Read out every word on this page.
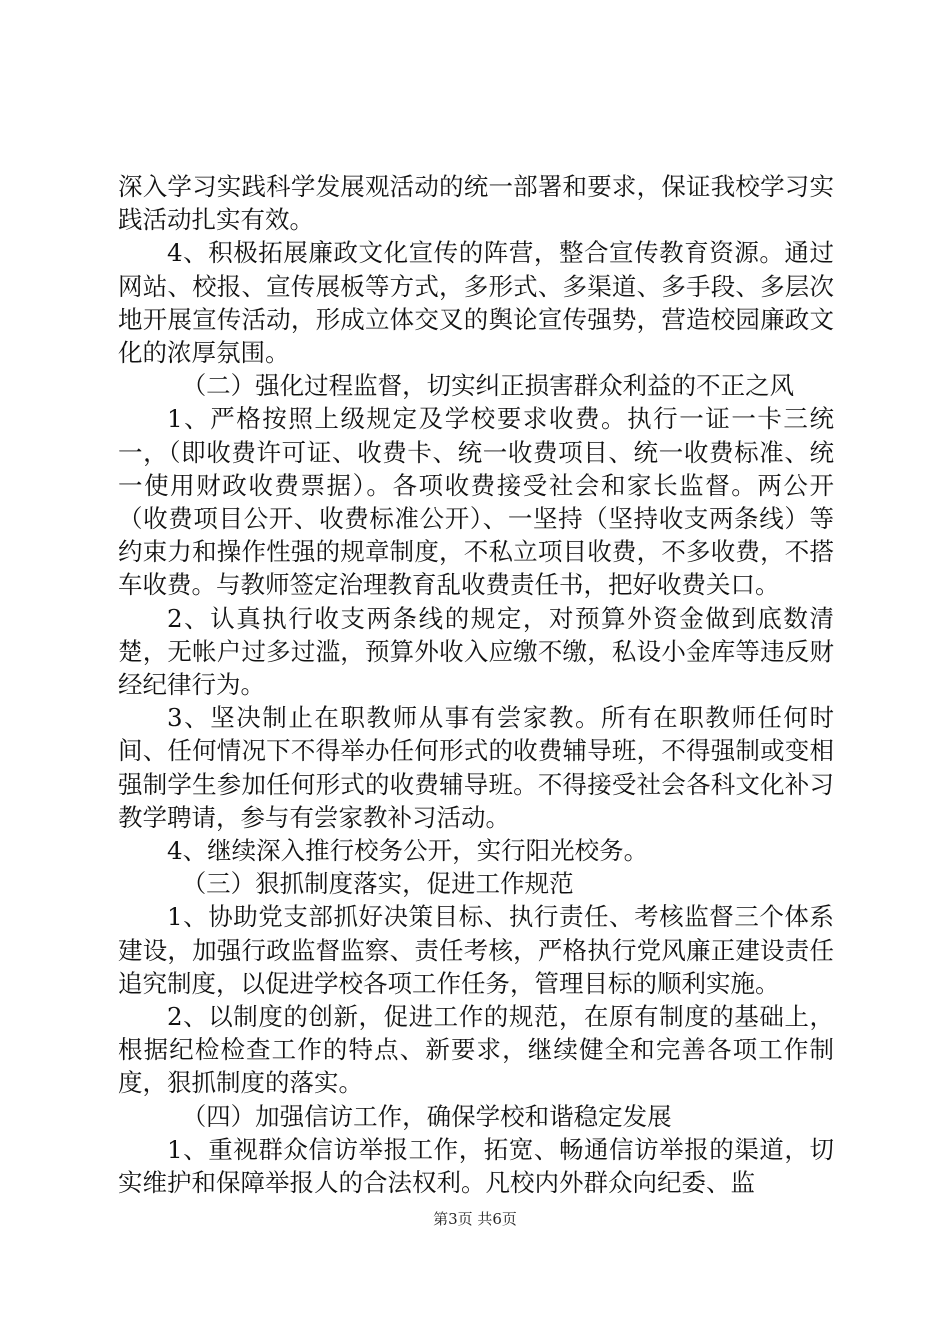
深入学习实践科学发展观活动的统一部署和要求，保证我校学习实践活动扎实有效。

4、积极拓展廉政文化宣传的阵营，整合宣传教育资源。通过网站、校报、宣传展板等方式，多形式、多渠道、多手段、多层次地开展宣传活动，形成立体交叉的舆论宣传强势，营造校园廉政文化的浓厚氛围。

（二）强化过程监督，切实纠正损害群众利益的不正之风

1、严格按照上级规定及学校要求收费。执行一证一卡三统一，（即收费许可证、收费卡、统一收费项目、统一收费标准、统一使用财政收费票据）。各项收费接受社会和家长监督。两公开（收费项目公开、收费标准公开）、一坚持（坚持收支两条线）等约束力和操作性强的规章制度，不私立项目收费，不多收费，不搭车收费。与教师签定治理教育乱收费责任书，把好收费关口。

2、认真执行收支两条线的规定，对预算外资金做到底数清楚，无帐户过多过滥，预算外收入应缴不缴，私设小金库等违反财经纪律行为。

3、坚决制止在职教师从事有尝家教。所有在职教师任何时间、任何情况下不得举办任何形式的收费辅导班，不得强制或变相强制学生参加任何形式的收费辅导班。不得接受社会各科文化补习教学聘请，参与有尝家教补习活动。

4、继续深入推行校务公开，实行阳光校务。

（三）狠抓制度落实，促进工作规范

1、协助党支部抓好决策目标、执行责任、考核监督三个体系建设，加强行政监督监察、责任考核，严格执行党风廉正建设责任追究制度，以促进学校各项工作任务，管理目标的顺利实施。

2、以制度的创新，促进工作的规范，在原有制度的基础上，根据纪检检查工作的特点、新要求，继续健全和完善各项工作制度，狠抓制度的落实。

（四）加强信访工作，确保学校和谐稳定发展

1、重视群众信访举报工作，拓宽、畅通信访举报的渠道，切实维护和保障举报人的合法权利。凡校内外群众向纪委、监

第3页 共6页
